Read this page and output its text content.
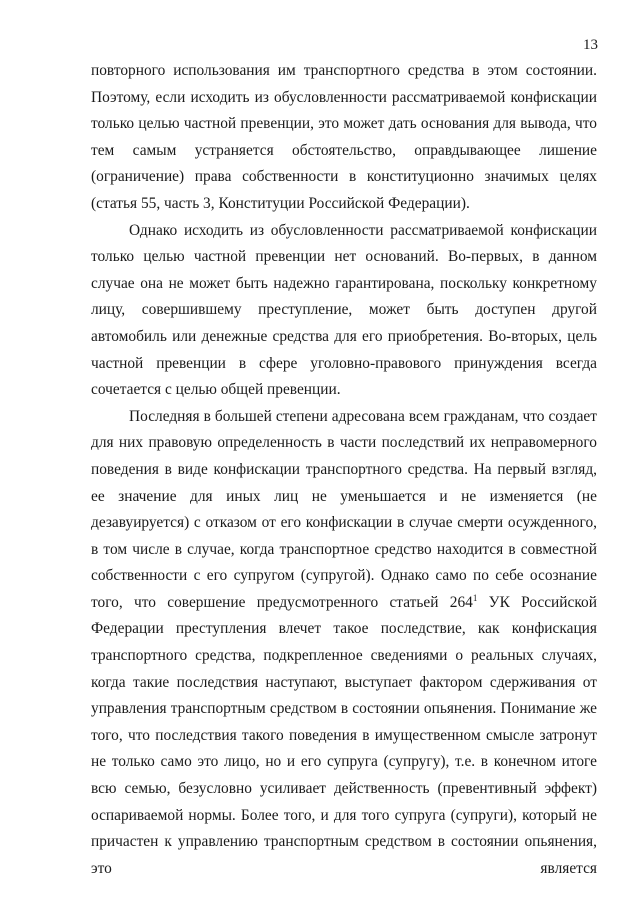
13

повторного использования им транспортного средства в этом состоянии. Поэтому, если исходить из обусловленности рассматриваемой конфискации только целью частной превенции, это может дать основания для вывода, что тем самым устраняется обстоятельство, оправдывающее лишение (ограничение) права собственности в конституционно значимых целях (статья 55, часть 3, Конституции Российской Федерации).

Однако исходить из обусловленности рассматриваемой конфискации только целью частной превенции нет оснований. Во-первых, в данном случае она не может быть надежно гарантирована, поскольку конкретному лицу, совершившему преступление, может быть доступен другой автомобиль или денежные средства для его приобретения. Во-вторых, цель частной превенции в сфере уголовно-правового принуждения всегда сочетается с целью общей превенции.

Последняя в большей степени адресована всем гражданам, что создает для них правовую определенность в части последствий их неправомерного поведения в виде конфискации транспортного средства. На первый взгляд, ее значение для иных лиц не уменьшается и не изменяется (не дезавуируется) с отказом от его конфискации в случае смерти осужденного, в том числе в случае, когда транспортное средство находится в совместной собственности с его супругом (супругой). Однако само по себе осознание того, что совершение предусмотренного статьей $264^1$ УК Российской Федерации преступления влечет такое последствие, как конфискация транспортного средства, подкрепленное сведениями о реальных случаях, когда такие последствия наступают, выступает фактором сдерживания от управления транспортным средством в состоянии опьянения. Понимание же того, что последствия такого поведения в имущественном смысле затронут не только само это лицо, но и его супруга (супругу), т.е. в конечном итоге всю семью, безусловно усиливает действенность (превентивный эффект) оспариваемой нормы. Более того, и для того супруга (супруги), который не причастен к управлению транспортным средством в состоянии опьянения, это является
